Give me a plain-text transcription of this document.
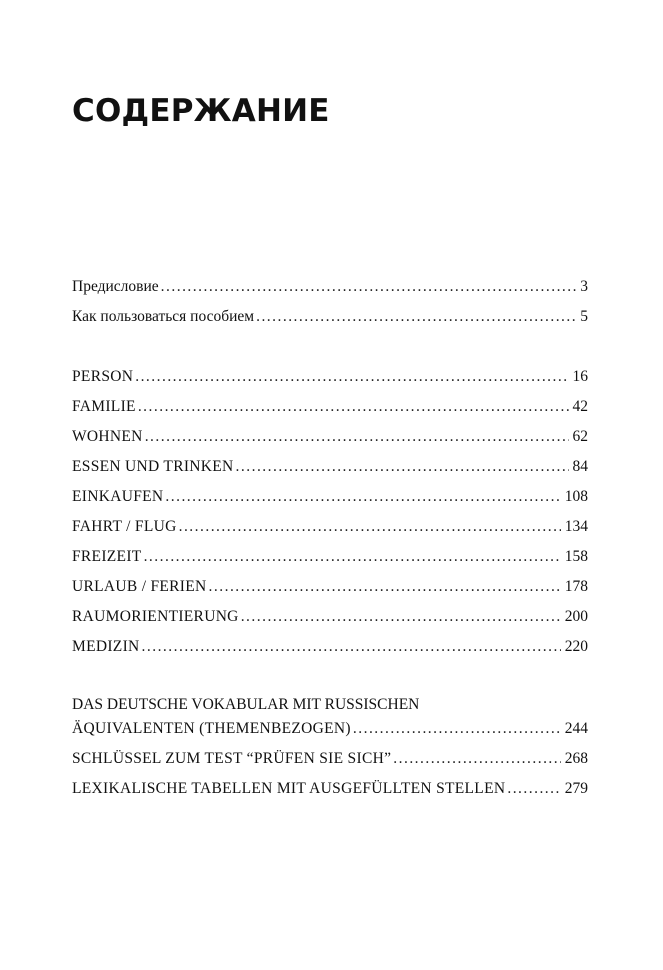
СОДЕРЖАНИЕ
Предисловие . . .	3
Как пользоваться пособием . . .	5
PERSON . . .	16
FAMILIE . . .	42
WOHNEN . . .	62
ESSEN UND TRINKEN . . .	84
EINKAUFEN . . .	108
FAHRT / FLUG . . .	134
FREIZEIT . . .	158
URLAUB / FERIEN . . .	178
RAUMORIENTIERUNG . . .	200
MEDIZIN . . .	220
DAS DEUTSCHE VOKABULAR MIT RUSSISCHEN
ÄQUIVALENTEN (THEMENBEZOGEN) . . .	244
SCHLÜSSEL ZUM TEST “PRÜFEN SIE SICH” . . .	268
LEXIKALISCHE TABELLEN MIT AUSGEFÜLLTEN STELLEN . . .	279
